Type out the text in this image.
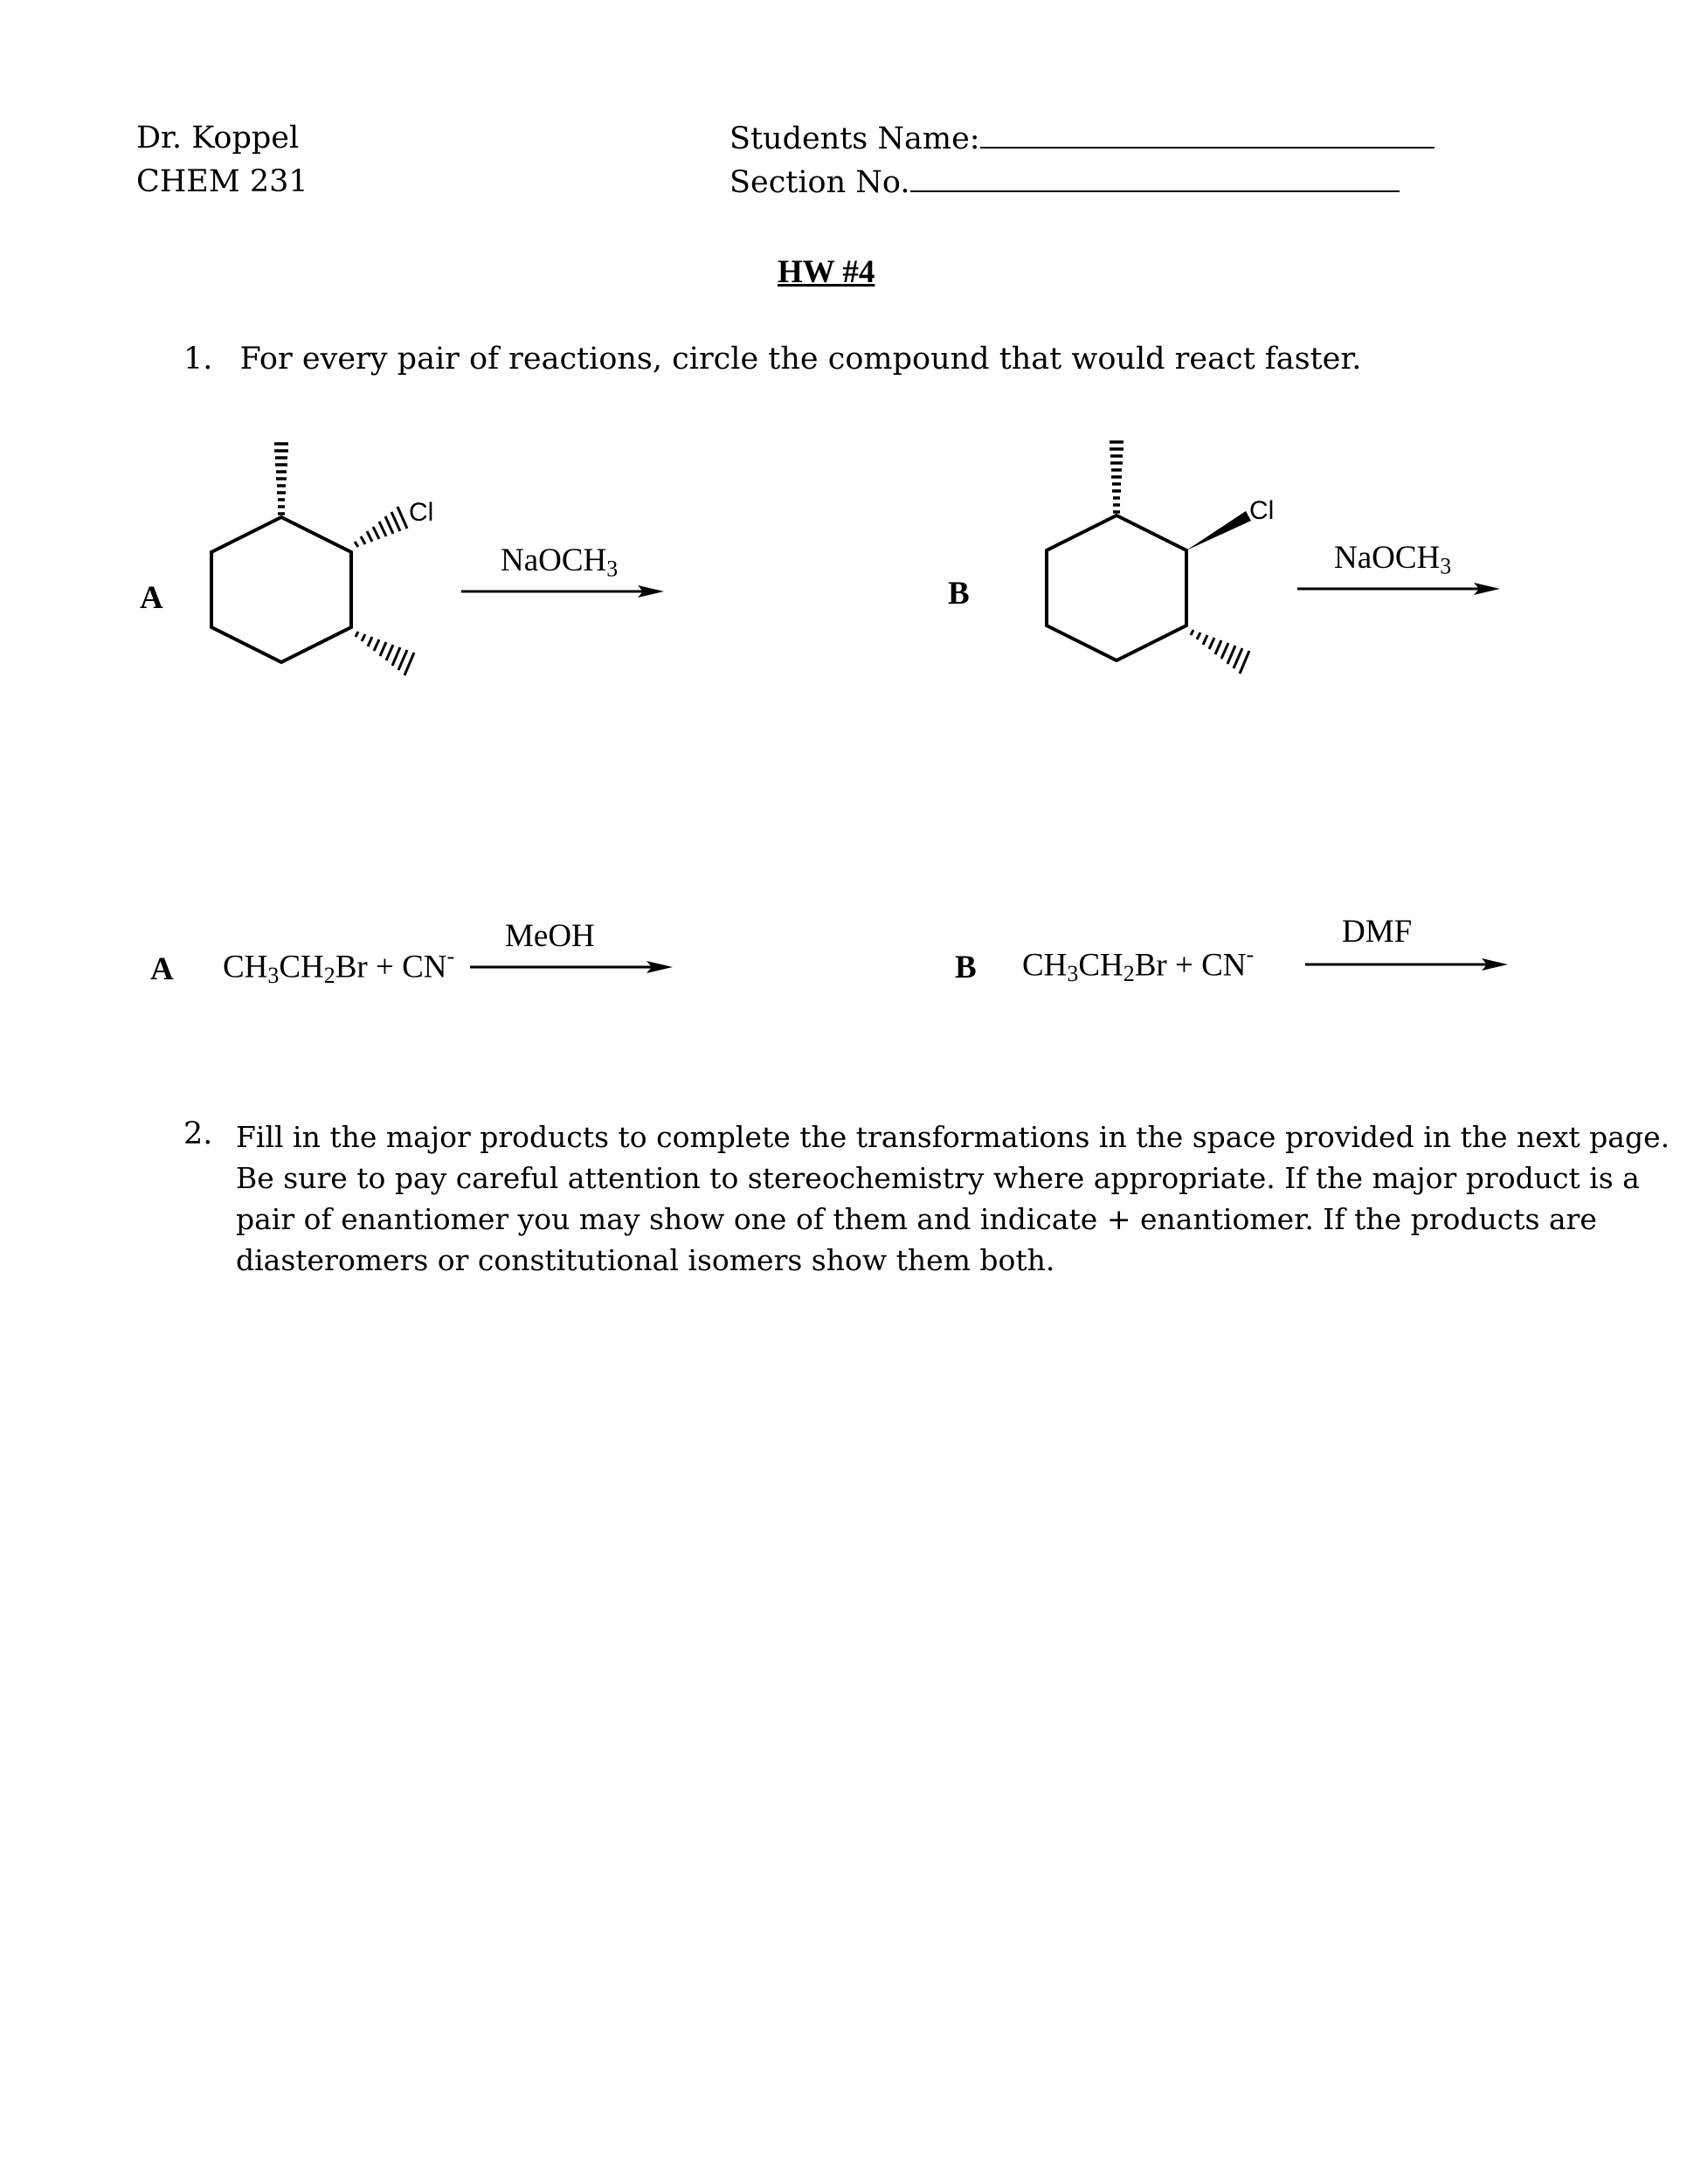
Dr. Koppel
CHEM 231
Students Name:
Section No.
HW #4
1. For every pair of reactions, circle the compound that would react faster.
A
Cl
NaOCH$_3$
B
Cl
NaOCH$_3$
A $CH_3CH_2Br + CN^-$
MeOH
B $CH_3CH_2Br + CN^-$
DMF
2. Fill in the major products to complete the transformations in the space provided in the next page.

Be sure to pay careful attention to stereochemistry where appropriate. If the major product is a

pair of enantiomer you may show one of them and indicate + enantiomer. If the products are

diasteromers or constitutional isomers show them both.
